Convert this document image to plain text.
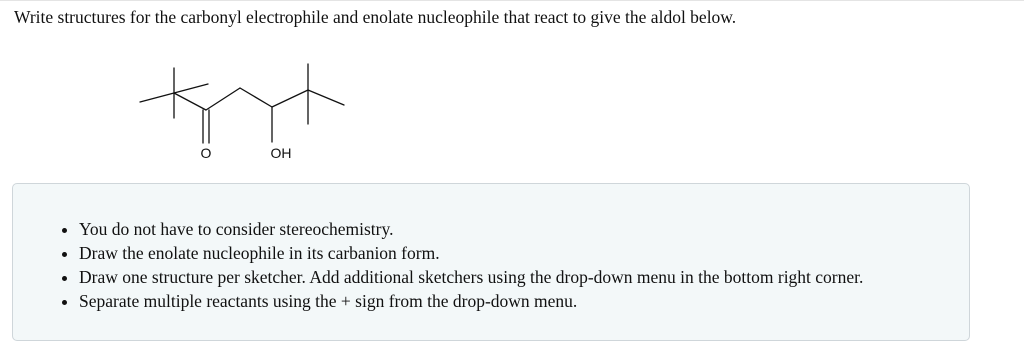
Write structures for the carbonyl electrophile and enolate nucleophile that react to give the aldol below.
O	OH
• You do not have to consider stereochemistry.
• Draw the enolate nucleophile in its carbanion form.
• Draw one structure per sketcher. Add additional sketchers using the drop-down menu in the bottom right corner.
• Separate multiple reactants using the + sign from the drop-down menu.
